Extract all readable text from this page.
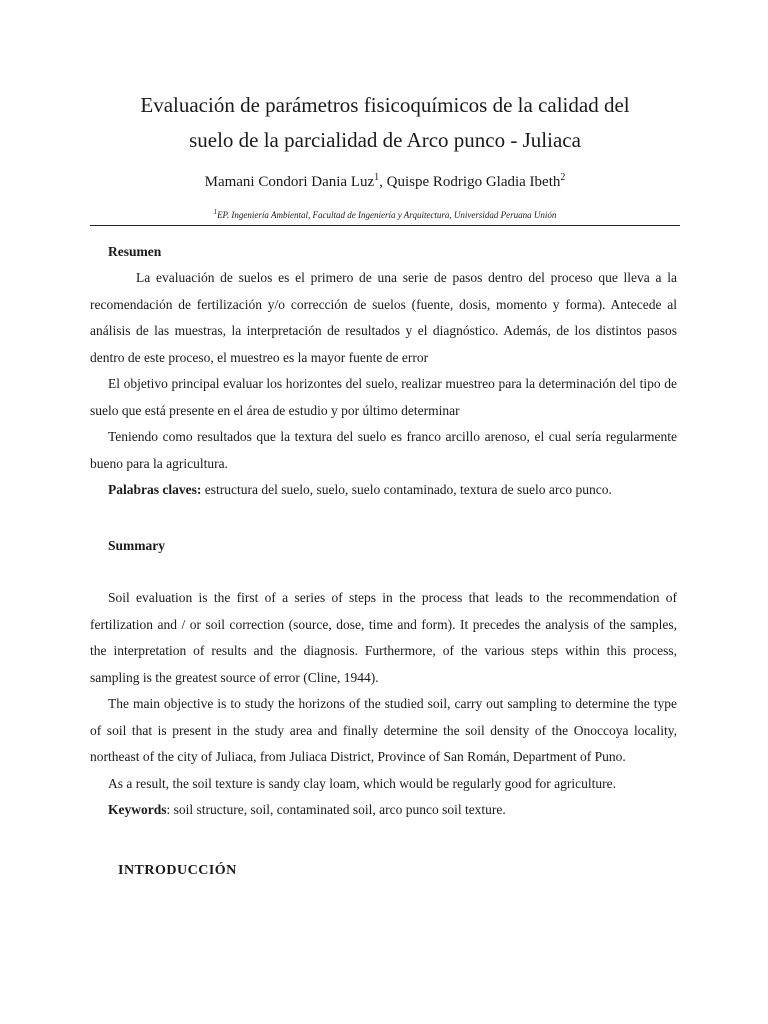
Evaluación de parámetros fisicoquímicos de la calidad del
suelo de la parcialidad de Arco punco - Juliaca
Mamani Condori Dania Luz$^1$, Quispe Rodrigo Gladia Ibeth$^2$
$^1$EP. Ingeniería Ambiental, Facultad de Ingeniería y Arquitectura, Universidad Peruana Unión
Resumen

La evaluación de suelos es el primero de una serie de pasos dentro del proceso que lleva a la recomendación de fertilización y/o corrección de suelos (fuente, dosis, momento y forma). Antecede al análisis de las muestras, la interpretación de resultados y el diagnóstico. Además, de los distintos pasos dentro de este proceso, el muestreo es la mayor fuente de error

El objetivo principal evaluar los horizontes del suelo, realizar muestreo para la determinación del tipo de suelo que está presente en el área de estudio y por último determinar

Teniendo como resultados que la textura del suelo es franco arcillo arenoso, el cual sería regularmente bueno para la agricultura.

Palabras claves: estructura del suelo, suelo, suelo contaminado, textura de suelo arco punco.

Summary

Soil evaluation is the first of a series of steps in the process that leads to the recommendation of fertilization and / or soil correction (source, dose, time and form). It precedes the analysis of the samples, the interpretation of results and the diagnosis. Furthermore, of the various steps within this process, sampling is the greatest source of error (Cline, 1944).

The main objective is to study the horizons of the studied soil, carry out sampling to determine the type of soil that is present in the study area and finally determine the soil density of the Onoccoya locality, northeast of the city of Juliaca, from Juliaca District, Province of San Román, Department of Puno.

As a result, the soil texture is sandy clay loam, which would be regularly good for agriculture.

Keywords: soil structure, soil, contaminated soil, arco punco soil texture.

INTRODUCCIÓN
